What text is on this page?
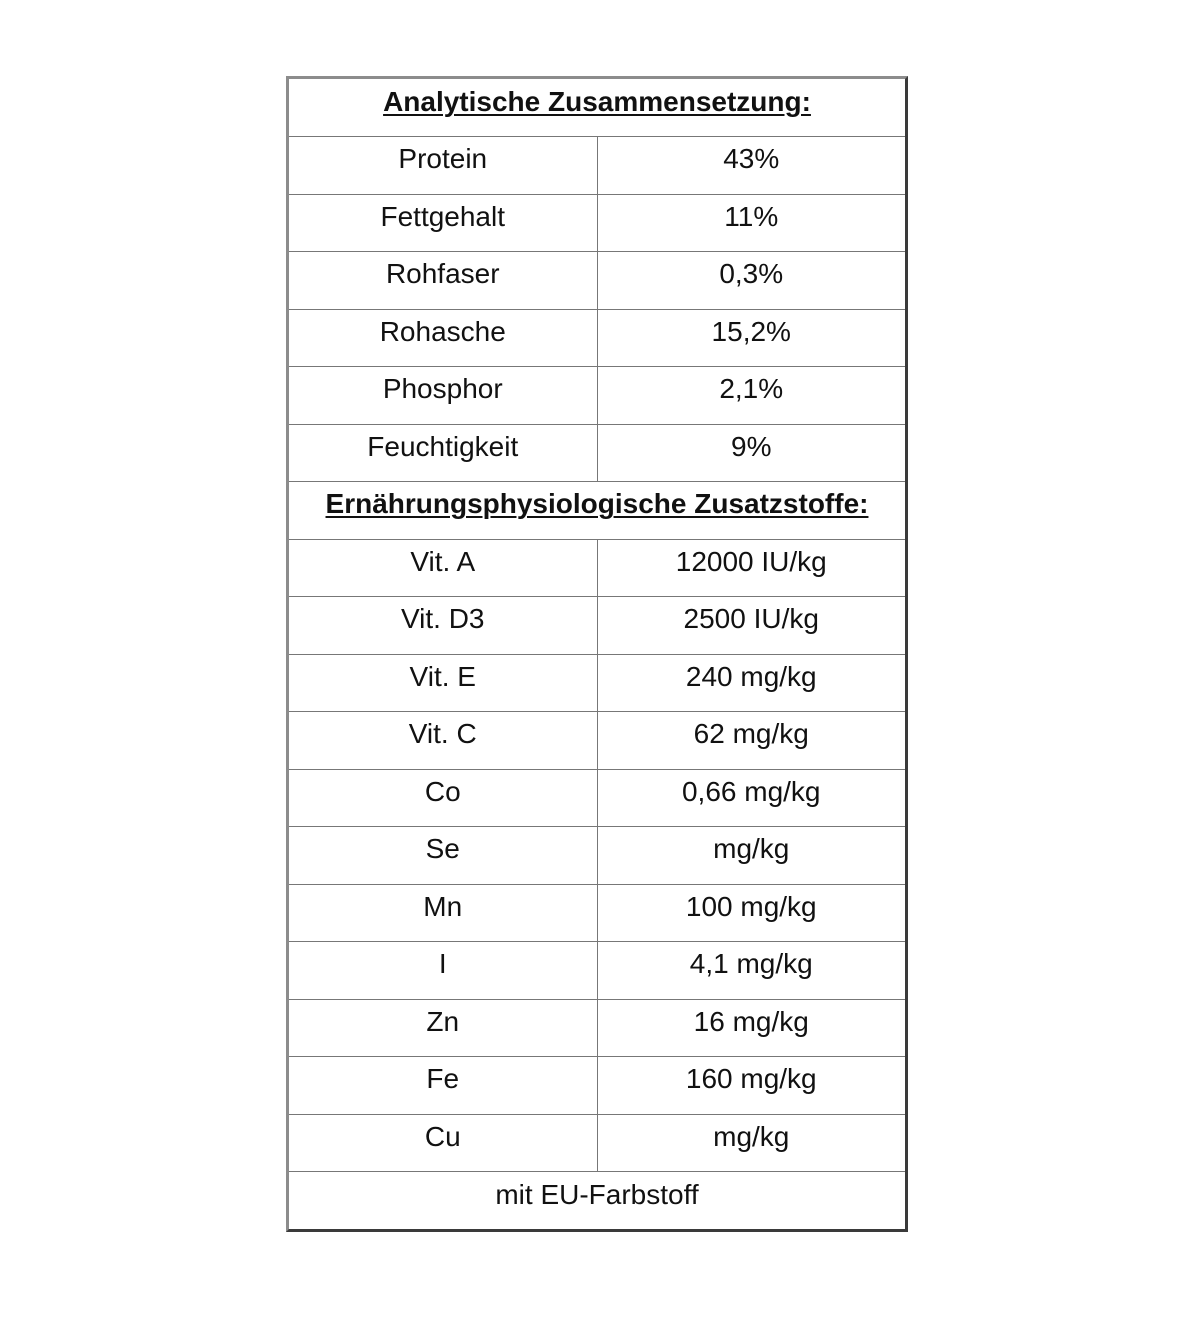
Analytische Zusammensetzung:	
Protein	43%
Fettgehalt	11%
Rohfaser	0,3%
Rohasche	15,2%
Phosphor	2,1%
Feuchtigkeit	9%
Ernährungsphysiologische Zusatzstoffe:	
Vit. A	12000 IU/kg
Vit. D3	2500 IU/kg
Vit. E	240 mg/kg
Vit. C	62 mg/kg
Co	0,66 mg/kg
Se	mg/kg
Mn	100 mg/kg
I	4,1 mg/kg
Zn	16 mg/kg
Fe	160 mg/kg
Cu	mg/kg
mit EU-Farbstoff	
